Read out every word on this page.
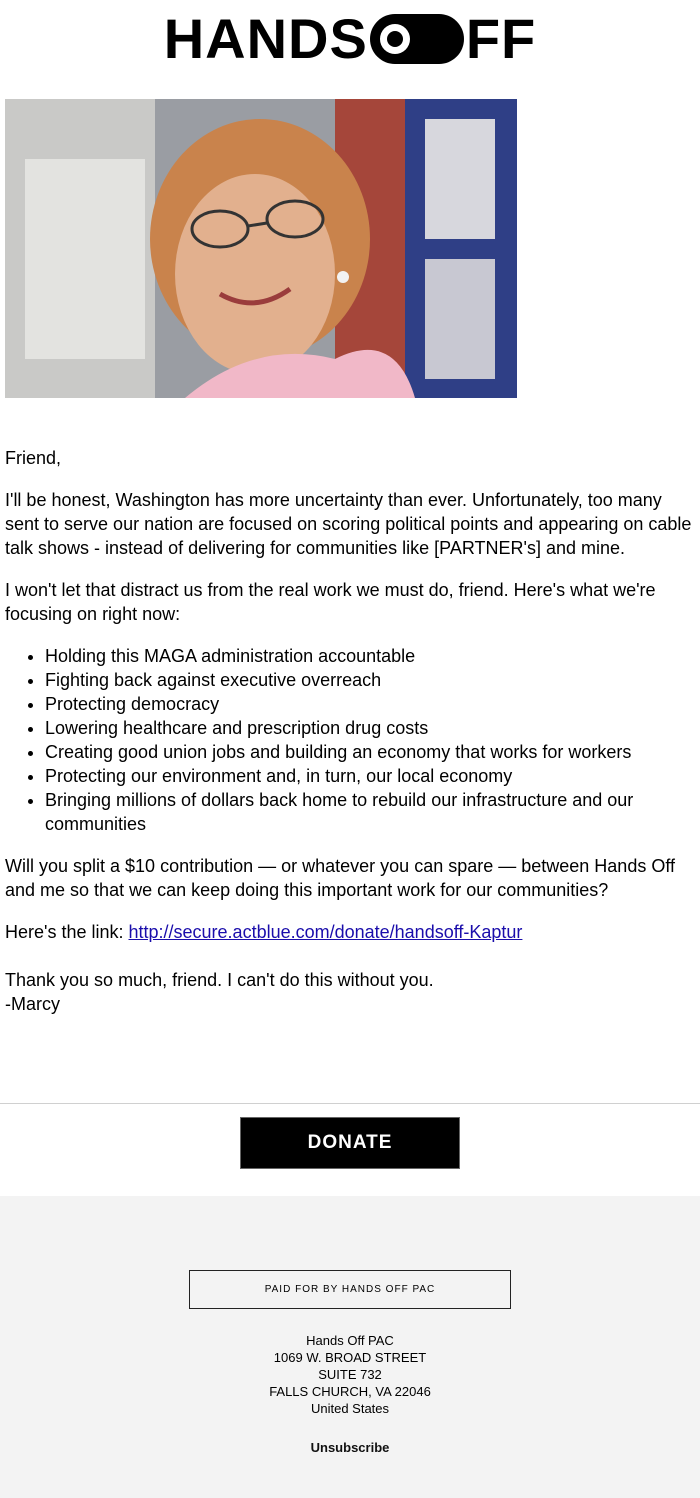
HANDS FF

Friend,

I'll be honest, Washington has more uncertainty than ever. Unfortunately, too many sent to serve our nation are focused on scoring political points and appearing on cable talk shows - instead of delivering for communities like [PARTNER's] and mine.

I won't let that distract us from the real work we must do, friend. Here's what we're focusing on right now:

• Holding this MAGA administration accountable
• Fighting back against executive overreach
• Protecting democracy
• Lowering healthcare and prescription drug costs
• Creating good union jobs and building an economy that works for workers
• Protecting our environment and, in turn, our local economy
• Bringing millions of dollars back home to rebuild our infrastructure and our communities

Will you split a $10 contribution — or whatever you can spare — between Hands Off and me so that we can keep doing this important work for our communities?

Here's the link: http://secure.actblue.com/donate/handsoff-Kaptur

Thank you so much, friend. I can't do this without you.
-Marcy

DONATE
PAID FOR BY HANDS OFF PAC
Hands Off PAC
1069 W. BROAD STREET
SUITE 732
FALLS CHURCH, VA 22046
United States
Unsubscribe
